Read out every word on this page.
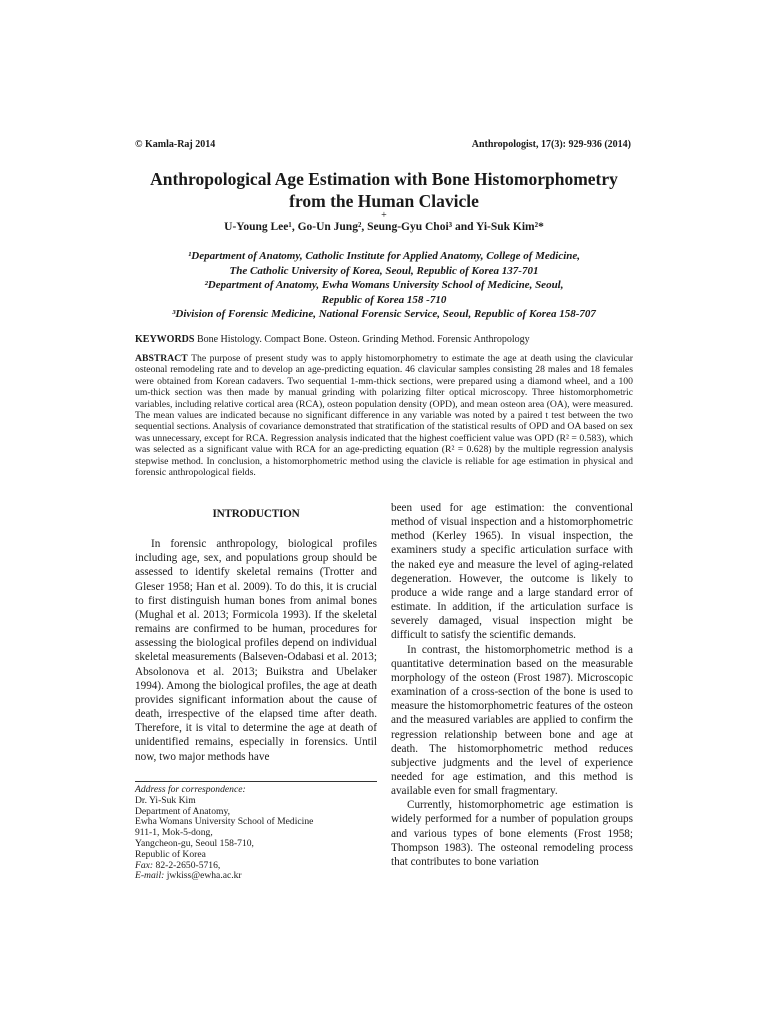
© Kamla-Raj 2014	Anthropologist, 17(3): 929-936 (2014)
Anthropological Age Estimation with Bone Histomorphometry
from the Human Clavicle
+
U-Young Lee¹, Go-Un Jung², Seung-Gyu Choi³ and Yi-Suk Kim²*
¹Department of Anatomy, Catholic Institute for Applied Anatomy, College of Medicine,
The Catholic University of Korea, Seoul, Republic of Korea 137-701
²Department of Anatomy, Ewha Womans University School of Medicine, Seoul,
Republic of Korea 158 -710
³Division of Forensic Medicine, National Forensic Service, Seoul, Republic of Korea 158-707
KEYWORDS Bone Histology. Compact Bone. Osteon. Grinding Method. Forensic Anthropology
ABSTRACT The purpose of present study was to apply histomorphometry to estimate the age at death using the clavicular osteonal remodeling rate and to develop an age-predicting equation. 46 clavicular samples consisting 28 males and 18 females were obtained from Korean cadavers. Two sequential 1-mm-thick sections, were prepared using a diamond wheel, and a 100 um-thick section was then made by manual grinding with polarizing filter optical microscopy. Three histomorphometric variables, including relative cortical area (RCA), osteon population density (OPD), and mean osteon area (OA), were measured. The mean values are indicated because no significant difference in any variable was noted by a paired t test between the two sequential sections. Analysis of covariance demonstrated that stratification of the statistical results of OPD and OA based on sex was unnecessary, except for RCA. Regression analysis indicated that the highest coefficient value was OPD (R² = 0.583), which was selected as a significant value with RCA for an age-predicting equation (R² = 0.628) by the multiple regression analysis stepwise method. In conclusion, a histomorphometric method using the clavicle is reliable for age estimation in physical and forensic anthropological fields.
INTRODUCTION

In forensic anthropology, biological profiles including age, sex, and populations group should be assessed to identify skeletal remains (Trotter and Gleser 1958; Han et al. 2009). To do this, it is crucial to first distinguish human bones from animal bones (Mughal et al. 2013; Formicola 1993). If the skeletal remains are confirmed to be human, procedures for assessing the biological profiles depend on individual skeletal measurements (Balseven-Odabasi et al. 2013; Absolonova et al. 2013; Buikstra and Ubelaker 1994). Among the biological profiles, the age at death provides significant information about the cause of death, irrespective of the elapsed time after death. Therefore, it is vital to determine the age at death of unidentified remains, especially in forensics. Until now, two major methods have

Address for correspondence:
Dr. Yi-Suk Kim
Department of Anatomy,
Ewha Womans University School of Medicine
911-1, Mok-5-dong,
Yangcheon-gu, Seoul 158-710,
Republic of Korea
Fax: 82-2-2650-5716,
E-mail: jwkiss@ewha.ac.kr

been used for age estimation: the conventional method of visual inspection and a histomorphometric method (Kerley 1965). In visual inspection, the examiners study a specific articulation surface with the naked eye and measure the level of aging-related degeneration. However, the outcome is likely to produce a wide range and a large standard error of estimate. In addition, if the articulation surface is severely damaged, visual inspection might be difficult to satisfy the scientific demands.

In contrast, the histomorphometric method is a quantitative determination based on the measurable morphology of the osteon (Frost 1987). Microscopic examination of a cross-section of the bone is used to measure the histomorphometric features of the osteon and the measured variables are applied to confirm the regression relationship between bone and age at death. The histomorphometric method reduces subjective judgments and the level of experience needed for age estimation, and this method is available even for small fragmentary.

Currently, histomorphometric age estimation is widely performed for a number of population groups and various types of bone elements (Frost 1958; Thompson 1983). The osteonal remodeling process that contributes to bone variation
